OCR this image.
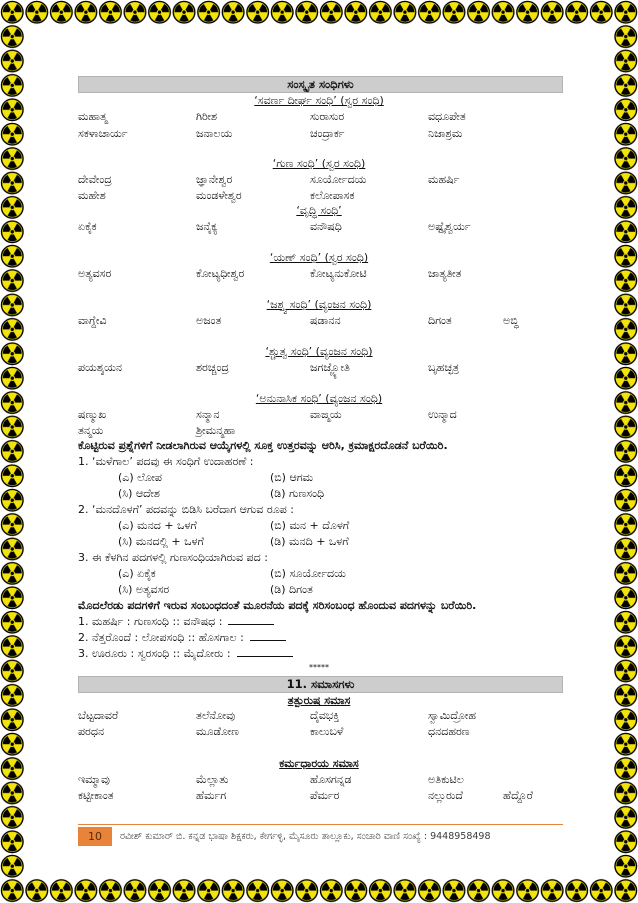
ಸಂಸ್ಕೃತ ಸಂಧಿಗಳು
‘ಸವರ್ಣ ದೀರ್ಘ ಸಂಧಿ’ (ಸ್ವರ ಸಂಧಿ)
ಮಹಾತ್ಮ	ಗಿರೀಶ	ಸುರಾಸುರ	ವಧೂಪೇತ
ಸಕಳಾಚಾರ್ಯ	ಜನಾಲಯ	ಚಂದ್ರಾರ್ಕ	ನಿಜಾಶ್ರಮ
‘ಗುಣ ಸಂಧಿ’ (ಸ್ವರ ಸಂಧಿ)
ದೇವೇಂದ್ರ	ಜ್ಞಾನೇಶ್ವರ	ಸೂರ್ಯೋದಯ	ಮಹರ್ಷಿ
ಮಹೇಶ	ಮಂಡಳೇಶ್ವರ	ಕಲೋಪಾಸಕ
‘ವೃದ್ಧಿ ಸಂಧಿ’
ಏಕೈಕ	ಜನೈಕ್ಯ	ವನೌಷಧಿ	ಅಷ್ಟೈಶ್ವರ್ಯ
‘ಯಣ್ ಸಂಧಿ’ (ಸ್ವರ ಸಂಧಿ)
ಅತ್ಯವಸರ	ಕೋಟ್ಯಧೀಶ್ವರ	ಕೋಟ್ಯನುಕೋಟಿ	ಜಾತ್ಯತೀತ
‘ಜಶ್ತ್ವ ಸಂಧಿ’ (ವ್ಯಂಜನ ಸಂಧಿ)
ವಾಗ್ದೇವಿ	ಅಜಂತ	ಷಡಾನನ	ದಿಗಂತ	ಅಬ್ಧಿ
‘ಶ್ಚುತ್ವ ಸಂಧಿ’ (ವ್ಯಂಜನ ಸಂಧಿ)
ಪಯಶ್ಶಯನ	ಶರಚ್ಚಂದ್ರ	ಜಗಜ್ಜ್ಯೋತಿ	ಬೃಹಚ್ಛತ್ರ
‘ಅನುನಾಸಿಕ ಸಂಧಿ’ (ವ್ಯಂಜನ ಸಂಧಿ)
ಷಣ್ಮುಖ	ಸನ್ಮಾನ	ವಾಙ್ಮಯ	ಉನ್ಮಾದ
ತನ್ಮಯ	ಶ್ರೀಮನ್ಮಹಾ
ಕೊಟ್ಟಿರುವ ಪ್ರಶ್ನೆಗಳಿಗೆ ನೀಡಲಾಗಿರುವ ಆಯ್ಕೆಗಳಲ್ಲಿ ಸೂಕ್ತ ಉತ್ತರವನ್ನು ಆರಿಸಿ, ಕ್ರಮಾಕ್ಷರದೊಡನೆ ಬರೆಯಿರಿ.
1. ‘ಮಳೆಗಾಲ’ ಪದವು ಈ ಸಂಧಿಗೆ ಉದಾಹರಣೆ :
(ಎ) ಲೋಪ	(ಬಿ) ಆಗಮ
(ಸಿ) ಆದೇಶ	(ಡಿ) ಗುಣಸಂಧಿ
2. ‘ಮನದೊಳಗೆ’ ಪದವನ್ನು ಬಿಡಿಸಿ ಬರೆದಾಗ ಆಗುವ ರೂಪ :
(ಎ) ಮನದ + ಒಳಗೆ	(ಬಿ) ಮನ + ದೊಳಗೆ
(ಸಿ) ಮನದಲ್ಲಿ + ಒಳಗೆ	(ಡಿ) ಮನದಿ + ಒಳಗೆ
3. ಈ ಕೆಳಗಿನ ಪದಗಳಲ್ಲಿ ಗುಣಸಂಧಿಯಾಗಿರುವ ಪದ :
(ಎ) ಏಕೈಕ	(ಬಿ) ಸೂರ್ಯೋದಯ
(ಸಿ) ಅತ್ಯವಸರ	(ಡಿ) ದಿಗಂತ
ಮೊದಲೆರಡು ಪದಗಳಿಗೆ ಇರುವ ಸಂಬಂಧದಂತೆ ಮೂರನೆಯ ಪದಕ್ಕೆ ಸರಿಸಂಬಂಧ ಹೊಂದುವ ಪದಗಳನ್ನು ಬರೆಯಿರಿ.
1. ಮಹರ್ಷಿ : ಗುಣಸಂಧಿ :: ವನೌಷಧ :
2. ನೆತ್ತರೊಂದೆ : ಲೋಪಸಂಧಿ :: ಹೊಸಗಾಲ :
3. ಊರೂರು : ಸ್ವರಸಂಧಿ :: ಮೈದೋರು :
*****
11. ಸಮಾಸಗಳು
ತತ್ಪುರುಷ ಸಮಾಸ
ಬೆಟ್ಟದಾವರೆ	ತಲೆನೋವು	ದೈವಭಕ್ತಿ	ಸ್ವಾಮಿದ್ರೋಹ
ಪರಧನ	ಮೂಡೋಣ	ಕಾಲುಬಳೆ	ಧನದಹರಣ
ಕರ್ಮಧಾರಯ ಸಮಾಸ
ಇಮ್ಮಾವು	ಮೆಲ್ಲಾತು	ಹೊಸಗನ್ನಡ	ಅತಿಕುಟಿಲ
ಕಟ್ಟೀಕಾಂತ	ಹೆರ್ಮಗ	ಪೆರ್ಮರ	ನಲ್ಲುರುದೆ	ಹೆದ್ದೊರೆ
10	ರವೀಶ್ ಕುಮಾರ್ ಬಿ. ಕನ್ನಡ ಭಾಷಾ ಶಿಕ್ಷಕರು, ಕೇರ್ಗಳ್ಳಿ, ಮೈಸೂರು ತಾಲ್ಲೂಕು, ಸಂಚಾರಿ ವಾಣಿ ಸಂಖ್ಯೆ : 9448958498
